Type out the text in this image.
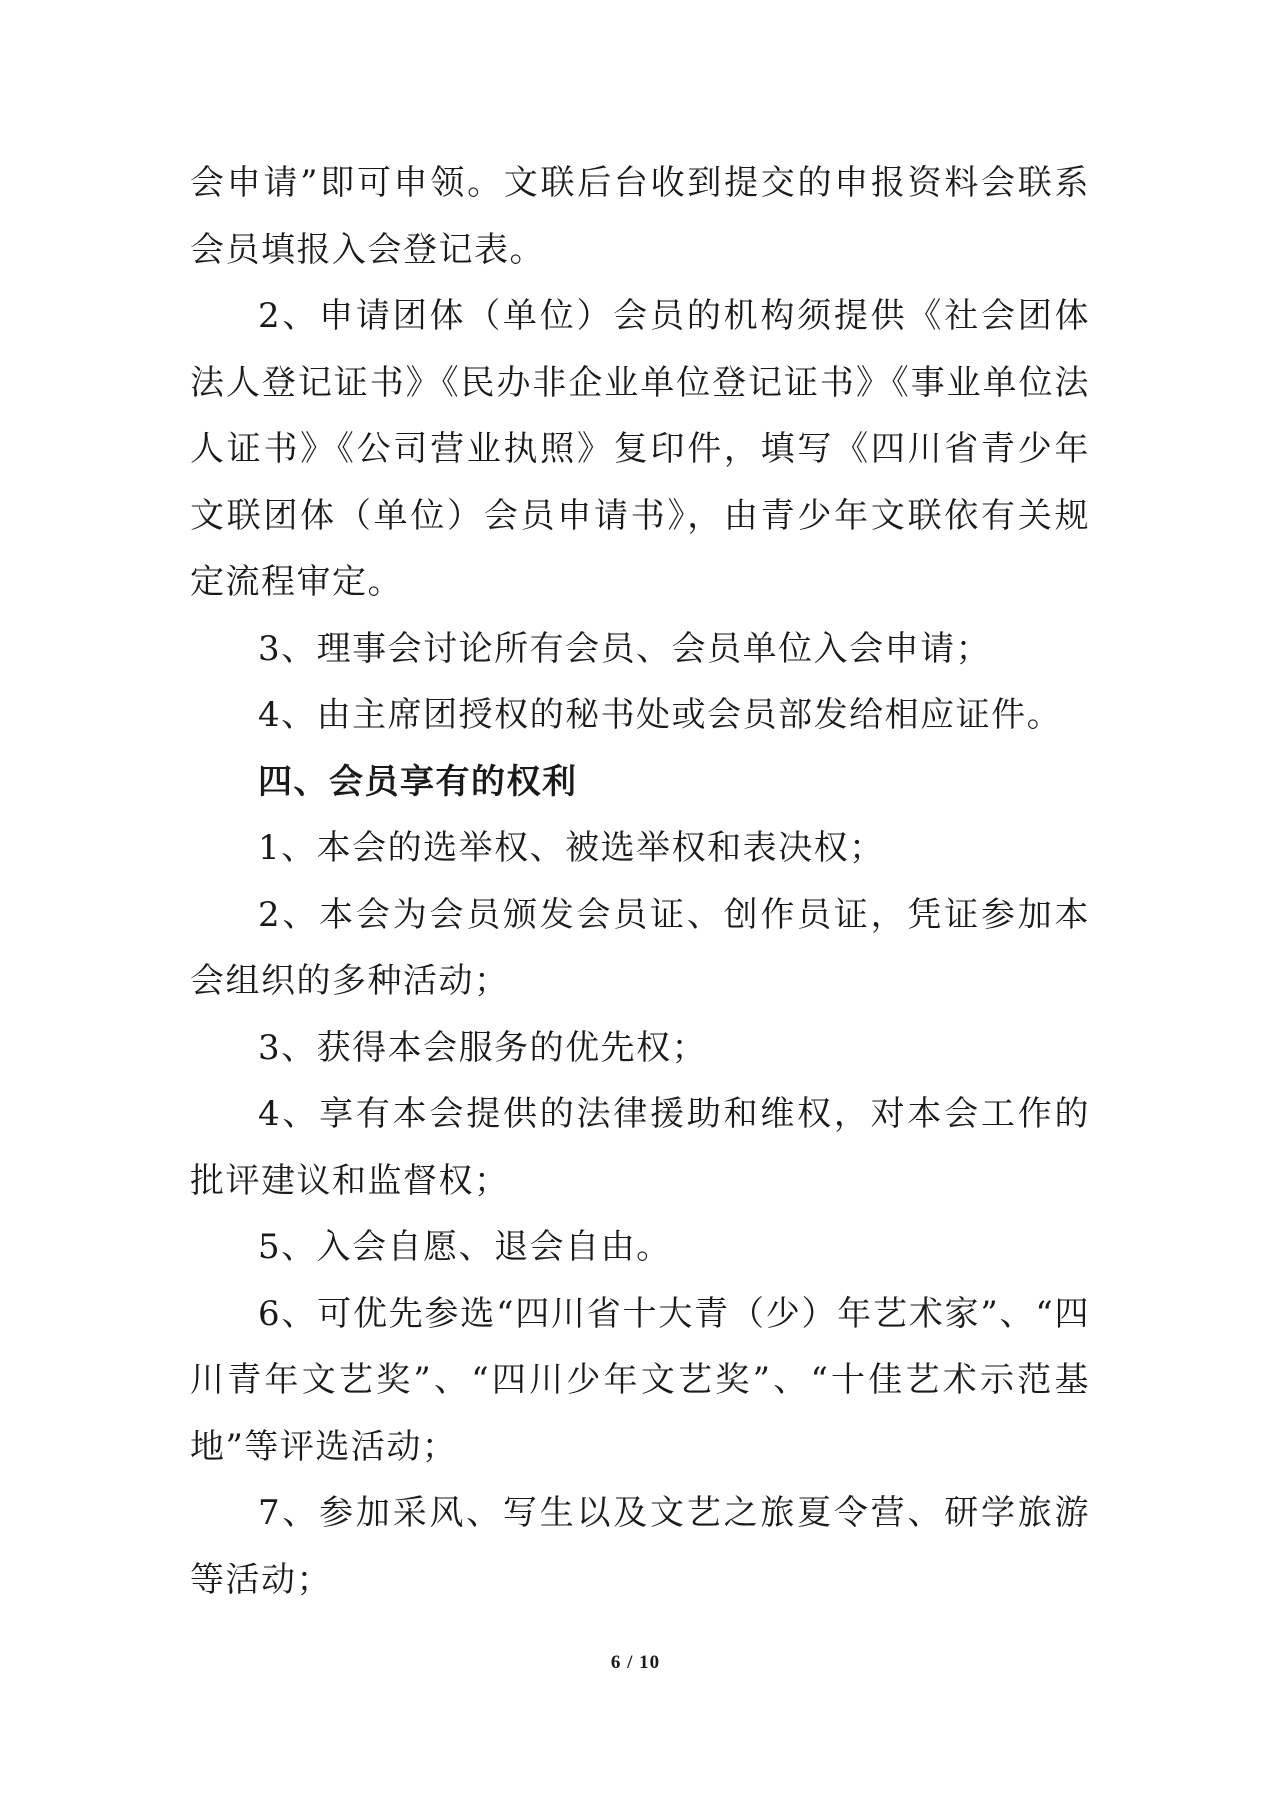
会申请”即可申领。文联后台收到提交的申报资料会联系会员填报入会登记表。

2、申请团体（单位）会员的机构须提供《社会团体法人登记证书》《民办非企业单位登记证书》《事业单位法人证书》《公司营业执照》复印件，填写《四川省青少年文联团体（单位）会员申请书》，由青少年文联依有关规定流程审定。

3、理事会讨论所有会员、会员单位入会申请；

4、由主席团授权的秘书处或会员部发给相应证件。

四、会员享有的权利

1、本会的选举权、被选举权和表决权；

2、本会为会员颁发会员证、创作员证，凭证参加本会组织的多种活动；

3、获得本会服务的优先权；

4、享有本会提供的法律援助和维权，对本会工作的批评建议和监督权；

5、入会自愿、退会自由。

6、可优先参选“四川省十大青（少）年艺术家”、“四川青年文艺奖”、“四川少年文艺奖”、“十佳艺术示范基地”等评选活动；

7、参加采风、写生以及文艺之旅夏令营、研学旅游等活动；

6 / 10
